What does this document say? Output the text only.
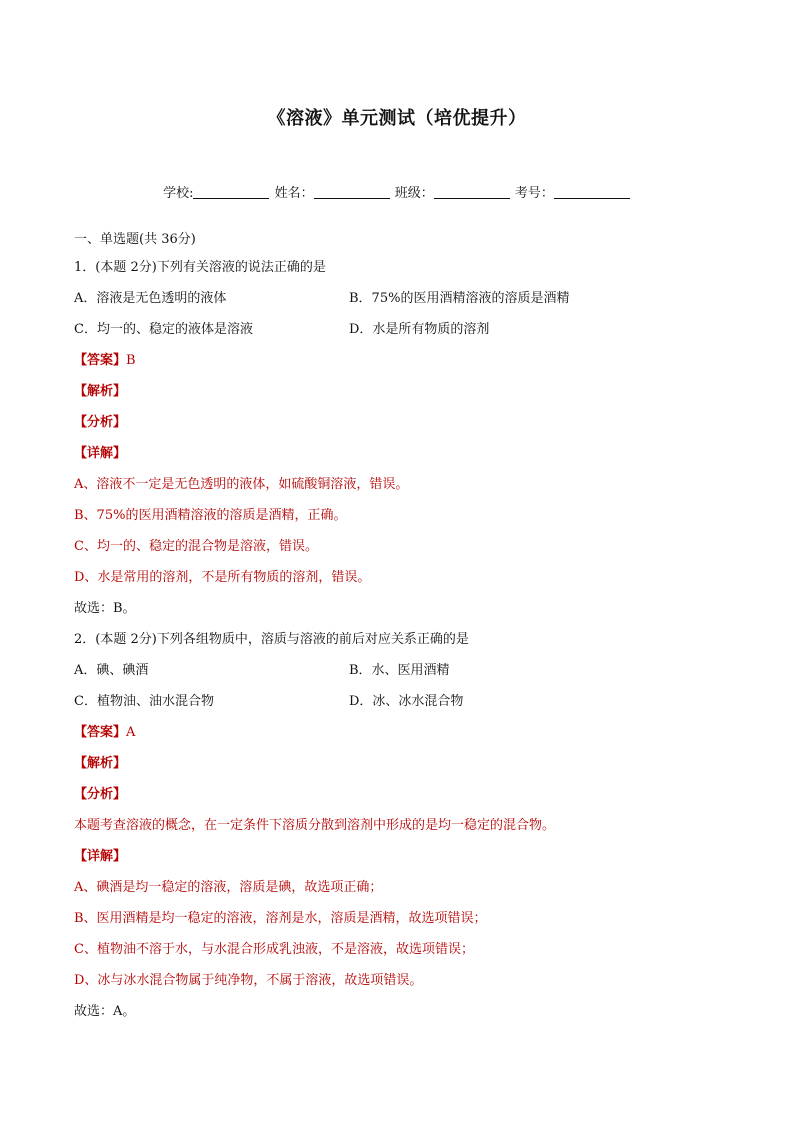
《溶液》单元测试（培优提升）
学校:	姓名：	班级：	考号：
一、单选题(共 36分)
1．(本题 2分)下列有关溶液的说法正确的是
A．溶液是无色透明的液体	B．75%的医用酒精溶液的溶质是酒精
C．均一的、稳定的液体是溶液	D．水是所有物质的溶剂
【答案】B
【解析】
【分析】
【详解】
A、溶液不一定是无色透明的液体，如硫酸铜溶液，错误。
B、75%的医用酒精溶液的溶质是酒精，正确。
C、均一的、稳定的混合物是溶液，错误。
D、水是常用的溶剂，不是所有物质的溶剂，错误。
故选：B。
2．(本题 2分)下列各组物质中，溶质与溶液的前后对应关系正确的是
A．碘、碘酒	B．水、医用酒精
C．植物油、油水混合物	D．冰、冰水混合物
【答案】A
【解析】
【分析】
本题考查溶液的概念，在一定条件下溶质分散到溶剂中形成的是均一稳定的混合物。
【详解】
A、碘酒是均一稳定的溶液，溶质是碘，故选项正确；
B、医用酒精是均一稳定的溶液，溶剂是水，溶质是酒精，故选项错误；
C、植物油不溶于水，与水混合形成乳浊液，不是溶液，故选项错误；
D、冰与冰水混合物属于纯净物，不属于溶液，故选项错误。
故选：A。
